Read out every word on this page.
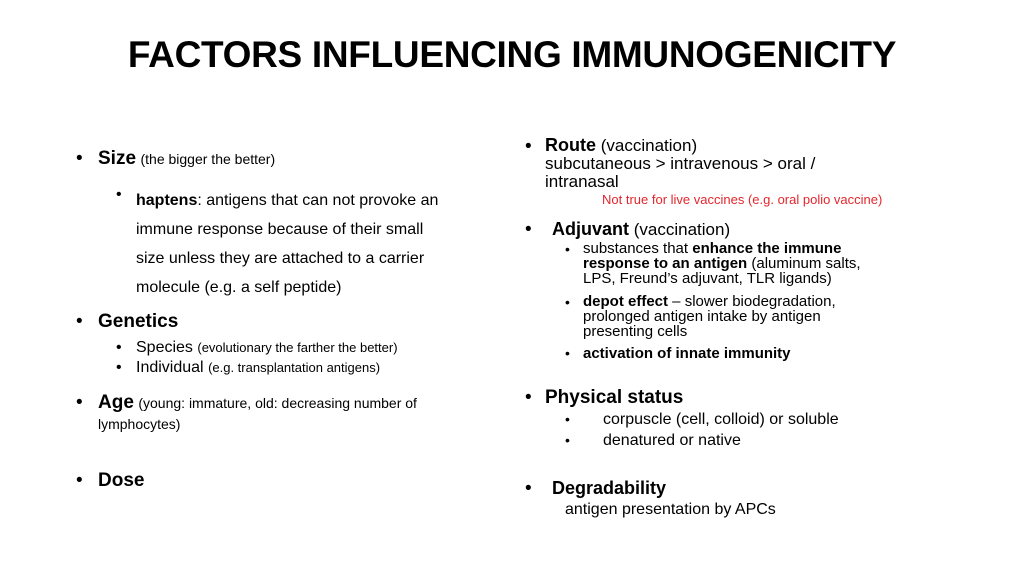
FACTORS INFLUENCING IMMUNOGENICITY
• Size (the bigger the better)
• haptens: antigens that can not provoke an
immune response because of their small
size unless they are attached to a carrier
molecule (e.g. a self peptide)
• Genetics
• Species (evolutionary the farther the better)
• Individual (e.g. transplantation antigens)
• Age (young: immature, old: decreasing number of
lymphocytes)
• Dose
• Route (vaccination)
subcutaneous > intravenous > oral /
intranasal
Not true for live vaccines (e.g. oral polio vaccine)
• Adjuvant (vaccination)
• substances that enhance the immune
response to an antigen (aluminum salts,
LPS, Freund’s adjuvant, TLR ligands)
• depot effect – slower biodegradation,
prolonged antigen intake by antigen
presenting cells
• activation of innate immunity
• Physical status
• corpuscle (cell, colloid) or soluble
• denatured or native
• Degradability
antigen presentation by APCs
